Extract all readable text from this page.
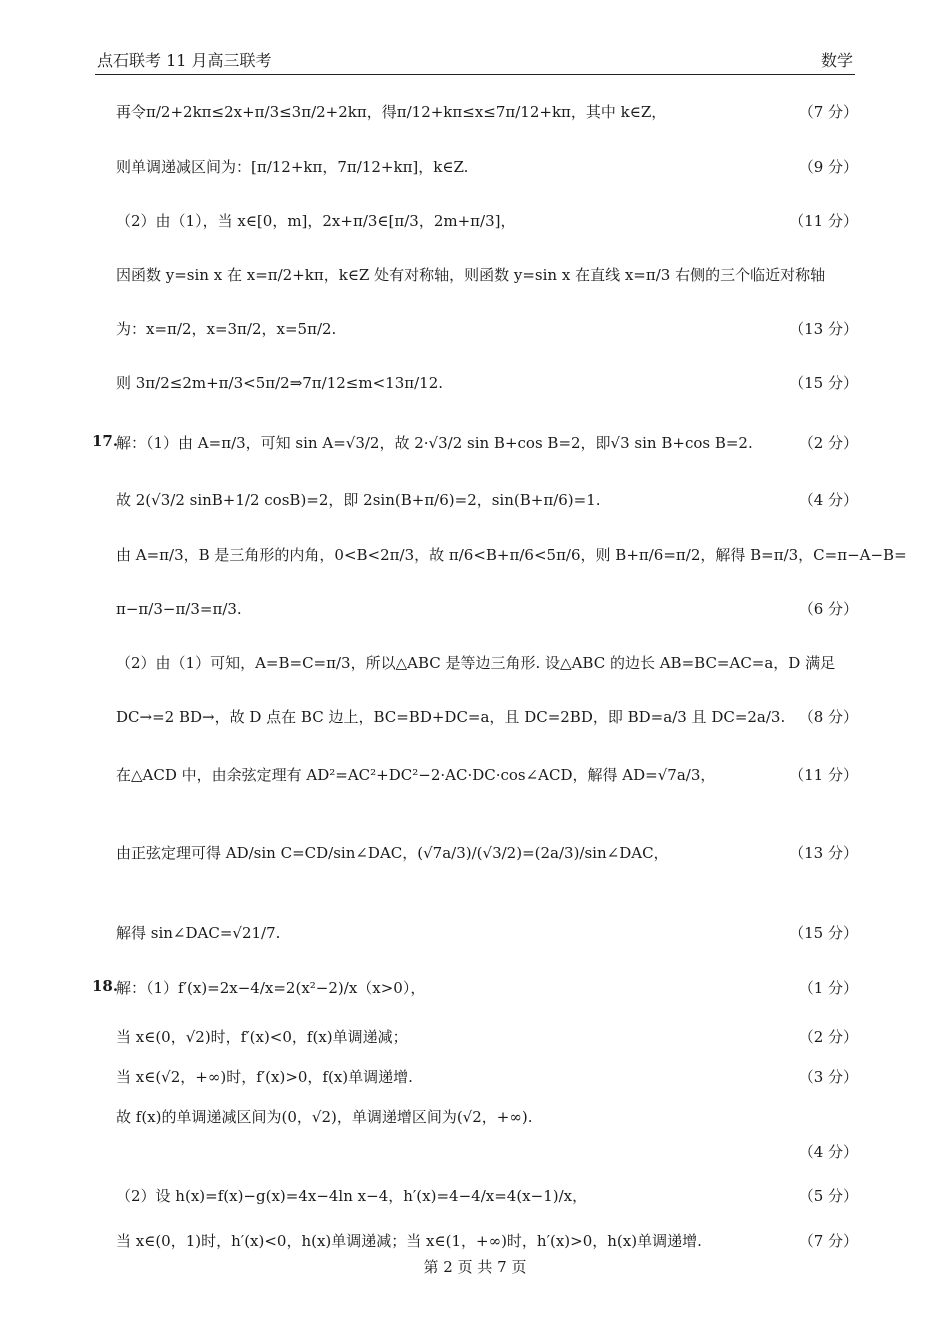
点石联考 11 月高三联考	数学
再令π/2+2kπ≤2x+π/3≤3π/2+2kπ，得π/12+kπ≤x≤7π/12+kπ，其中 k∈Z，	（7 分）
则单调递减区间为：[π/12+kπ，7π/12+kπ]，k∈Z.	（9 分）
（2）由（1），当 x∈[0，m]，2x+π/3∈[π/3，2m+π/3]，	（11 分）
因函数 y=sin x 在 x=π/2+kπ，k∈Z 处有对称轴，则函数 y=sin x 在直线 x=π/3 右侧的三个临近对称轴
为：x=π/2，x=3π/2，x=5π/2.	（13 分）
则 3π/2≤2m+π/3<5π/2⇒7π/12≤m<13π/12.	（15 分）
17.
解：（1）由 A=π/3，可知 sin A=√3/2，故 2·√3/2 sin B+cos B=2，即√3 sin B+cos B=2.	（2 分）
故 2(√3/2 sinB+1/2 cosB)=2，即 2sin(B+π/6)=2，sin(B+π/6)=1.	（4 分）
由 A=π/3，B 是三角形的内角，0<B<2π/3，故 π/6<B+π/6<5π/6，则 B+π/6=π/2，解得 B=π/3，C=π−A−B=
π−π/3−π/3=π/3.	（6 分）
（2）由（1）可知，A=B=C=π/3，所以△ABC 是等边三角形. 设△ABC 的边长 AB=BC=AC=a，D 满足
DC→=2 BD→，故 D 点在 BC 边上，BC=BD+DC=a，且 DC=2BD，即 BD=a/3 且 DC=2a/3. （8 分）
在△ACD 中，由余弦定理有 AD²=AC²+DC²−2·AC·DC·cos∠ACD，解得 AD=√7a/3，	（11 分）
由正弦定理可得 AD/sin C=CD/sin∠DAC，(√7a/3)/(√3/2)=(2a/3)/sin∠DAC，	（13 分）
解得 sin∠DAC=√21/7.	（15 分）
18.
解：（1）f′(x)=2x−4/x=2(x²−2)/x（x>0），	（1 分）
当 x∈(0，√2)时，f′(x)<0，f(x)单调递减；	（2 分）
当 x∈(√2，+∞)时，f′(x)>0，f(x)单调递增.	（3 分）
故 f(x)的单调递减区间为(0，√2)，单调递增区间为(√2，+∞).
（4 分）
（2）设 h(x)=f(x)−g(x)=4x−4ln x−4，h′(x)=4−4/x=4(x−1)/x，	（5 分）
当 x∈(0，1)时，h′(x)<0，h(x)单调递减；当 x∈(1，+∞)时，h′(x)>0，h(x)单调递增.	（7 分）
第 2 页 共 7 页
